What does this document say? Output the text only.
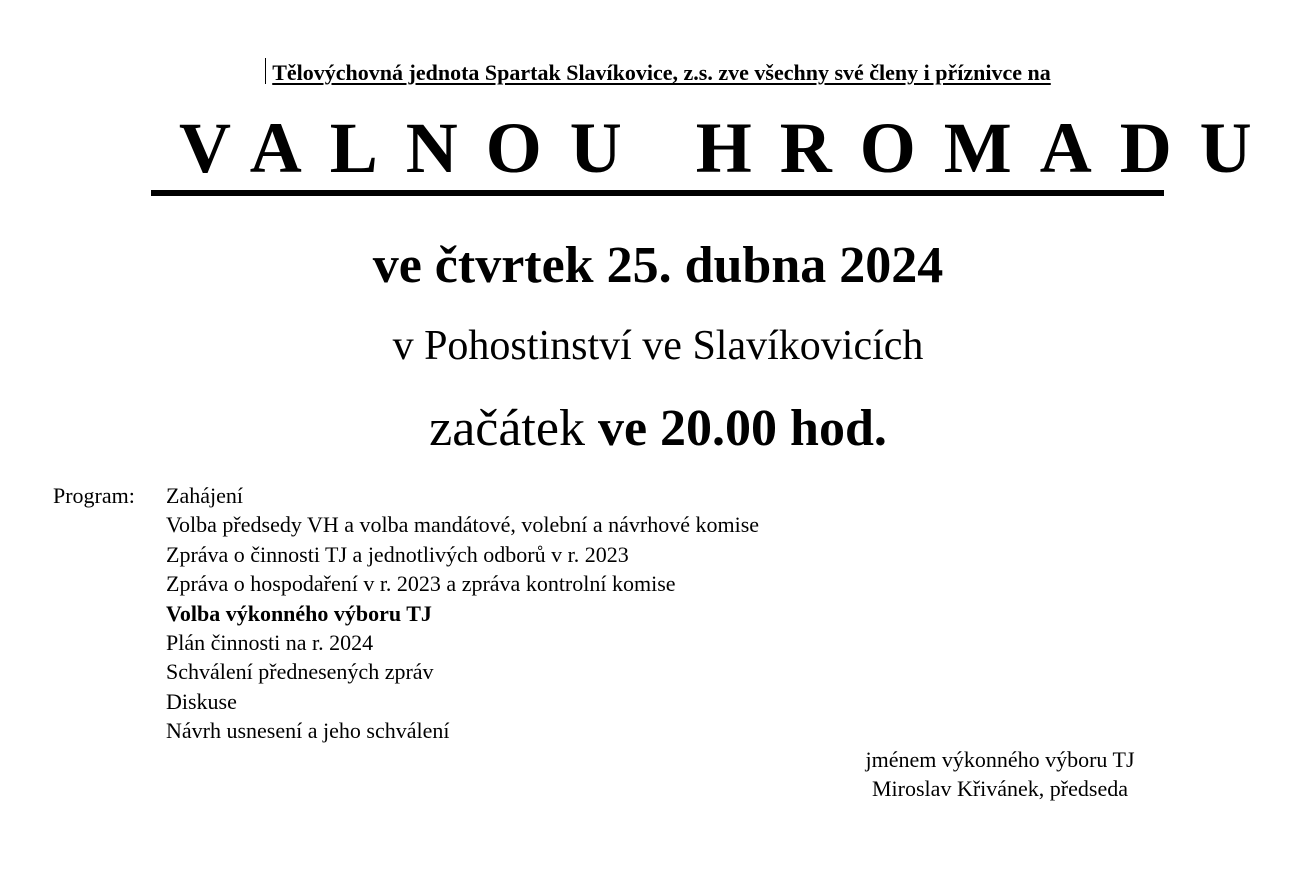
Tělovýchovná jednota Spartak Slavíkovice, z.s. zve všechny své členy i příznivce na
VALNOU HROMADU
ve čtvrtek 25. dubna 2024
v Pohostinství ve Slavíkovicích
začátek ve 20.00 hod.
Program: Zahájení
Volba předsedy VH a volba mandátové, volební a návrhové komise
Zpráva o činnosti TJ a jednotlivých odborů v r. 2023
Zpráva o hospodaření v r. 2023 a zpráva kontrolní komise
Volba výkonného výboru TJ
Plán činnosti na r. 2024
Schválení přednesených zpráv
Diskuse
Návrh usnesení a jeho schválení
jménem výkonného výboru TJ
Miroslav Křivánek, předseda
